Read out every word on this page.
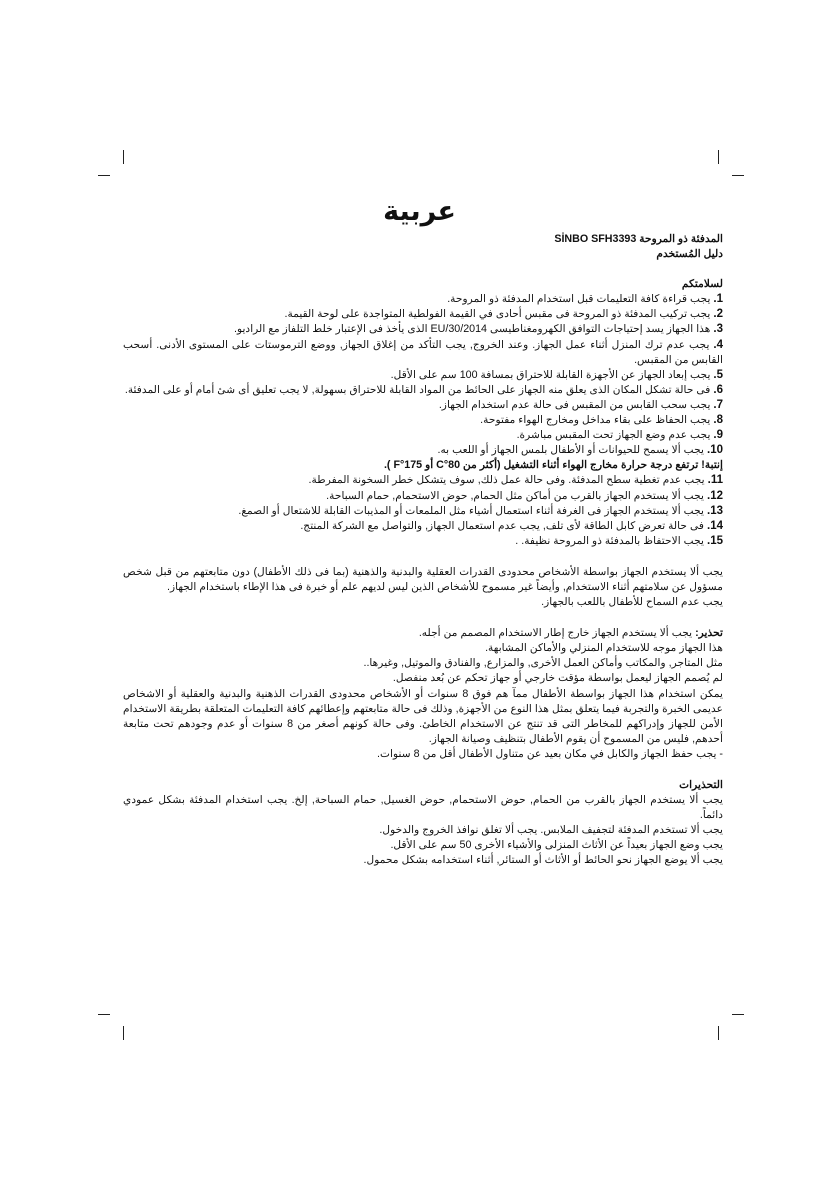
عربية

المدفئة ذو المروحة SİNBO SFH3393

دليل المُستخدم

لسلامتكم

1. يجب قراءة كافة التعليمات قبل استخدام المدفئة ذو المروحة.
2. يجب تركيب المدفئة ذو المروحة فى مقبس أحادى في القيمة الفولطية المتواجدة على لوحة القيمة.
3. هذا الجهاز يسد إحتياجات التوافق الكهرومغناطيسى EU/30/2014 الذى يأخذ فى الإعتبار خلط التلفاز مع الراديو.
4. يجب عدم ترك المنزل أثناء عمل الجهاز. وعند الخروج, يجب التأكد من إغلاق الجهاز, ووضع الترموستات على المستوى الأدنى. أسحب القابس من المقبس.
5. يجب إبعاد الجهاز عن الأجهزة القابلة للاحتراق بمسافة 100 سم على الأقل.
6. فى حالة تشكل المكان الذى يعلق منه الجهاز على الحائط من المواد القابلة للاحتراق بسهولة, لا يجب تعليق أى شئ أمام أو على المدفئة.
7. يجب سحب القابس من المقبس فى حالة عدم استخدام الجهاز.
8. يجب الحفاظ على بقاء مداخل ومخارج الهواء مفتوحة.
9. يجب عدم وضع الجهاز تحت المقبس مباشرة.
10. يجب ألا يسمح للحيوانات أو الأطفال بلمس الجهاز أو اللعب به.

إنتبة! ترتفع درجة حرارة مخارج الهواء أثناء التشغيل (أكثر من 80°C أو 175°F ).

11. يجب عدم تغطية سطح المدفئة. وفى حالة عمل ذلك, سوف يتشكل خطر السخونة المفرطة.
12. يجب ألا يستخدم الجهاز بالقرب من أماكن مثل الحمام, حوض الاستحمام, حمام السباحة.
13. يجب ألا يستخدم الجهاز فى الغرفة أثناء استعمال أشياء مثل الملمعات أو المذيبات القابلة للاشتعال أو الصمغ.
14. فى حالة تعرض كابل الطاقة لأى تلف, يجب عدم استعمال الجهاز, والتواصل مع الشركة المنتج.
15. يجب الاحتفاظ بالمدفئة ذو المروحة نظيفة. .

يجب ألا يستخدم الجهاز بواسطة الأشخاص محدودى القدرات العقلية والبدنية والذهنية (بما فى ذلك الأطفال) دون متابعتهم من قبل شخص مسؤول عن سلامتهم أثناء الاستخدام, وأيضاً غير مسموح للأشخاص الذين ليس لديهم علم أو خبرة فى هذا الإطاء باستخدام الجهاز.

يجب عدم السماح للأطفال باللعب بالجهاز.

تحذير: يجب ألا يستخدم الجهاز خارج إطار الاستخدام المصمم من أجله.

هذا الجهاز موجه للاستخدام المنزلي والأماكن المشابهة.

مثل المتاجر, والمكاتب وأماكن العمل الأخرى, والمزارع, والفنادق والموتيل, وغيرها..

لم يُصمم الجهاز ليعمل بواسطة مؤقت خارجي أو جهاز تحكم عن بُعد منفصل.

يمكن استخدام هذا الجهاز بواسطة الأطفال ممآ هم فوق 8 سنوات أو الأشخاص محدودى القدرات الذهنية والبدنية والعقلية أو الاشخاص عديمى الخبرة والتجربة فيما يتعلق بمثل هذا النوع من الأجهزة, وذلك فى حالة متابعتهم وإعطائهم كافة التعليمات المتعلقة بطريقة الاستخدام الأمن للجهاز وإدراكهم للمخاطر التى قد تنتج عن الاستخدام الخاطئ. وفى حالة كونهم أصغر من 8 سنوات أو عدم وجودهم تحت متابعة أحدهم, فليس من المسموح أن يقوم الأطفال بتنظيف وصيانة الجهاز.

- يجب حفظ الجهاز والكابل في مكان بعيد عن متناول الأطفال أقل من 8 سنوات.

التحذيرات

يجب ألا يستخدم الجهاز بالقرب من الحمام, حوض الاستحمام, حوض الغسيل, حمام السباحة, إلخ. يجب استخدام المدفئة بشكل عمودي دائماً.

يجب ألا تستخدم المدفئة لتجفيف الملابس. يجب ألا تغلق نوافذ الخروج والدخول.

يجب وضع الجهاز بعيداً عن الأثاث المنزلى والأشياء الأخرى 50 سم على الأقل.

يجب ألا يوضع الجهاز نحو الحائط أو الأثاث أو الستائر, أثناء استخدامه بشكل محمول.
